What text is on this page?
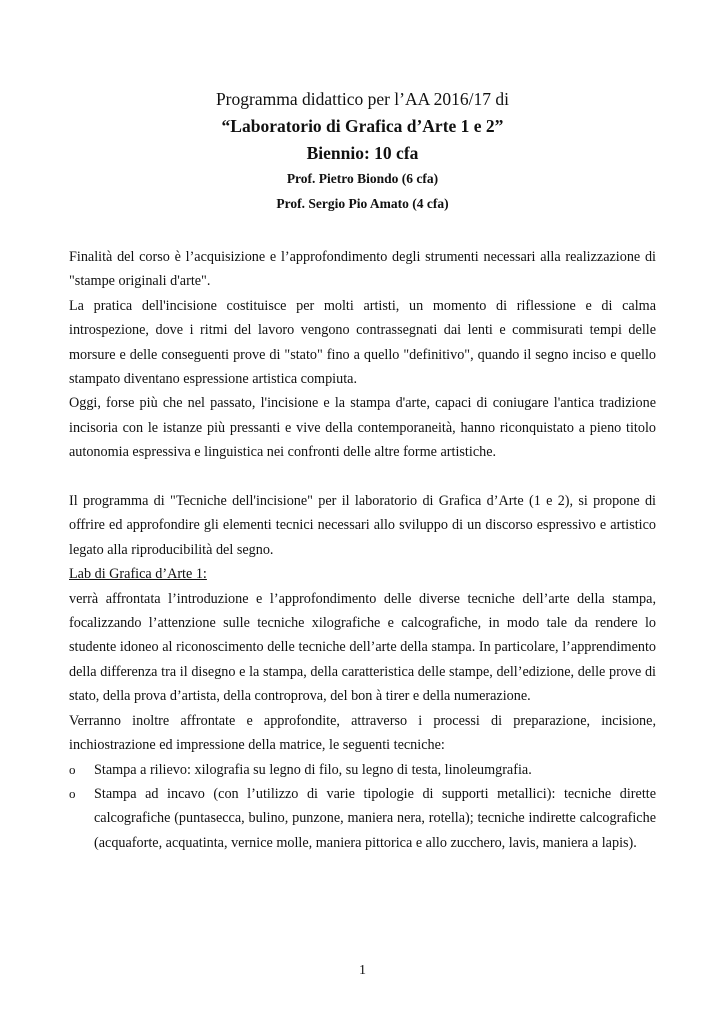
Programma didattico per l’AA 2016/17 di
“Laboratorio di Grafica d’Arte 1 e 2”
Biennio: 10 cfa
Prof. Pietro Biondo (6 cfa)
Prof. Sergio Pio Amato (4 cfa)

Finalità del corso è l’acquisizione e l’approfondimento degli strumenti necessari alla realizzazione di "stampe originali d'arte".

La pratica dell'incisione costituisce per molti artisti, un momento di riflessione e di calma introspezione, dove i ritmi del lavoro vengono contrassegnati dai lenti e commisurati tempi delle morsure e delle conseguenti prove di "stato" fino a quello "definitivo", quando il segno inciso e quello stampato diventano espressione artistica compiuta.

Oggi, forse più che nel passato, l'incisione e la stampa d'arte, capaci di coniugare l'antica tradizione incisoria con le istanze più pressanti e vive della contemporaneità, hanno riconquistato a pieno titolo autonomia espressiva e linguistica nei confronti delle altre forme artistiche.

Il programma di "Tecniche dell'incisione" per il laboratorio di Grafica d’Arte (1 e 2), si propone di offrire ed approfondire gli elementi tecnici necessari allo sviluppo di un discorso espressivo e artistico legato alla riproducibilità del segno.

Lab di Grafica d’Arte 1:

verrà affrontata l’introduzione e l’approfondimento delle diverse tecniche dell’arte della stampa, focalizzando l’attenzione sulle tecniche xilografiche e calcografiche, in modo tale da rendere lo studente idoneo al riconoscimento delle tecniche dell’arte della stampa. In particolare, l’apprendimento della differenza tra il disegno e la stampa, della caratteristica delle stampe, dell’edizione, delle prove di stato, della prova d’artista, della controprova, del bon à tirer e della numerazione.

Verranno inoltre affrontate e approfondite, attraverso i processi di preparazione, incisione, inchiostrazione ed impressione della matrice, le seguenti tecniche:

o Stampa a rilievo: xilografia su legno di filo, su legno di testa, linoleumgrafia.
o Stampa ad incavo (con l’utilizzo di varie tipologie di supporti metallici): tecniche dirette calcografiche (puntasecca, bulino, punzone, maniera nera, rotella); tecniche indirette calcografiche (acquaforte, acquatinta, vernice molle, maniera pittorica e allo zucchero, lavis, maniera a lapis).
1
